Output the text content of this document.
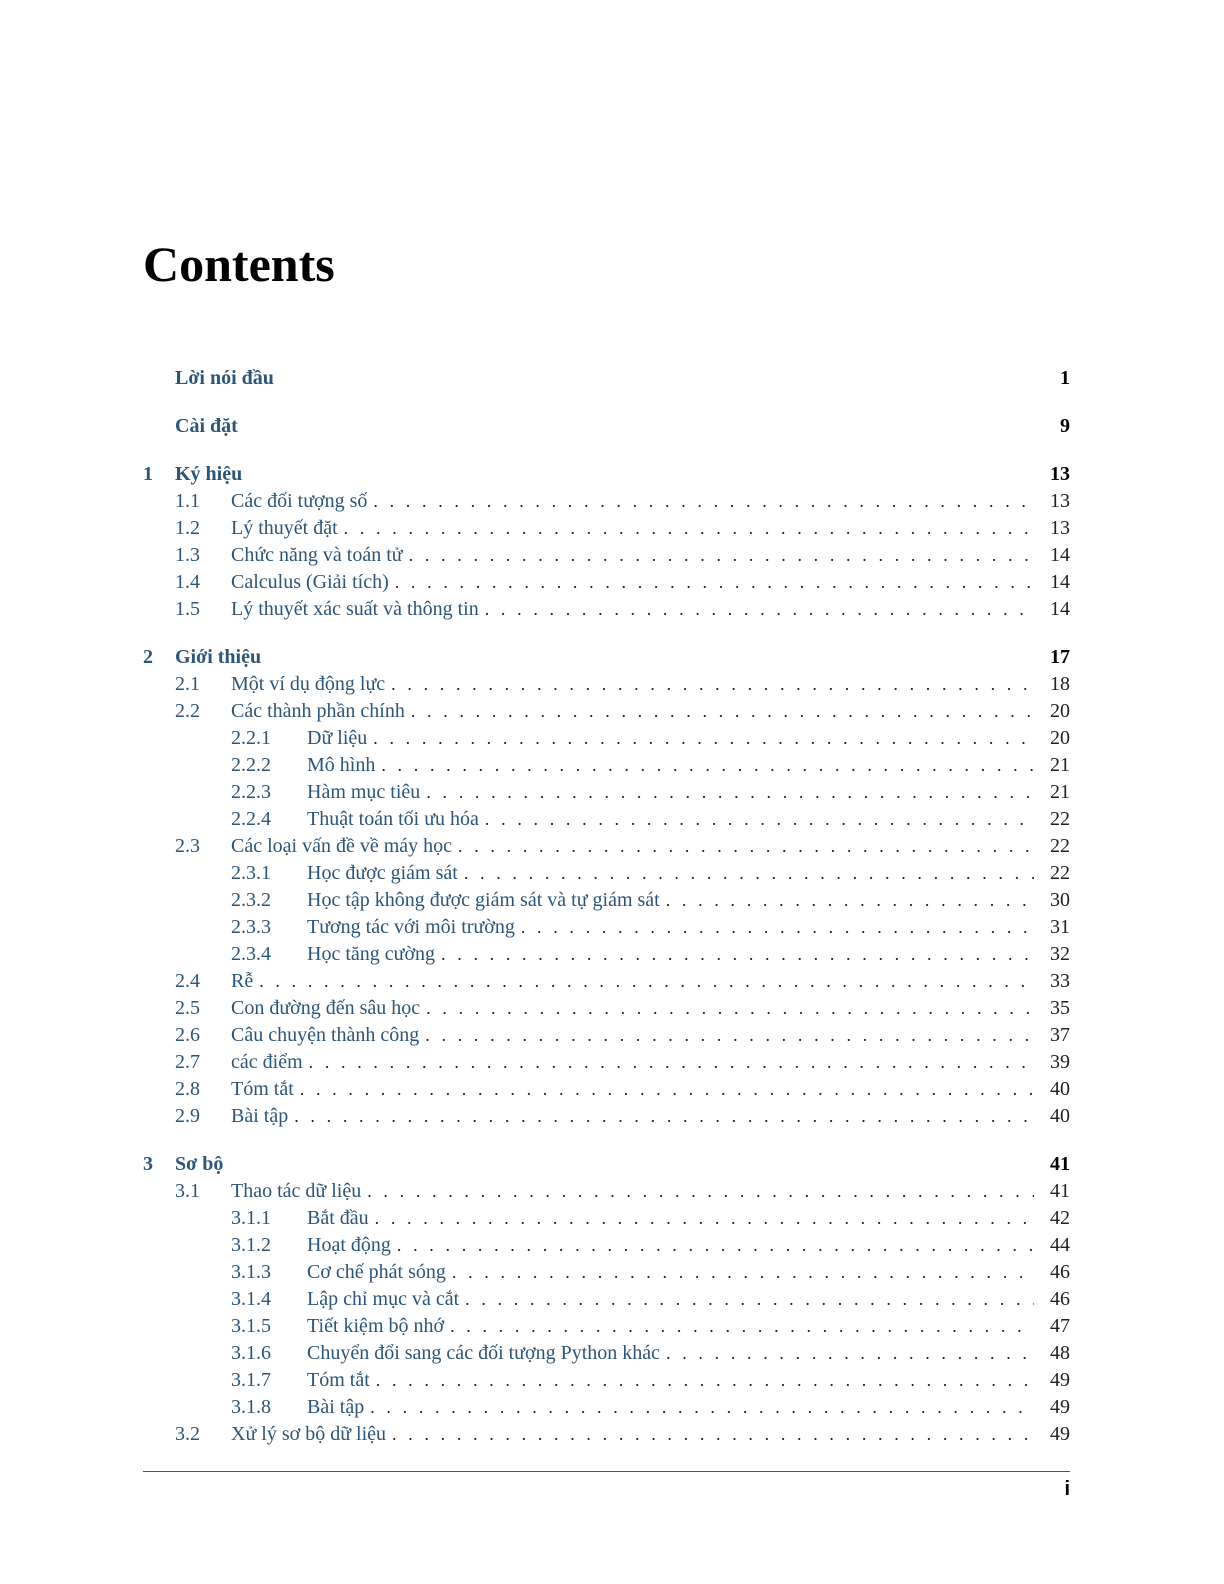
Contents
Lời nói đầu	1
Cài đặt	9
1	Ký hiệu	13
1.1	Các đối tượng số . . .	13
1.2	Lý thuyết đặt . . .	13
1.3	Chức năng và toán tử . . .	14
1.4	Calculus (Giải tích) . . .	14
1.5	Lý thuyết xác suất và thông tin . . .	14
2	Giới thiệu	17
2.1	Một ví dụ động lực . . .	18
2.2	Các thành phần chính . . .	20
2.2.1	Dữ liệu . . .	20
2.2.2	Mô hình . . .	21
2.2.3	Hàm mục tiêu . . .	21
2.2.4	Thuật toán tối ưu hóa . . .	22
2.3	Các loại vấn đề về máy học . . .	22
2.3.1	Học được giám sát . . .	22
2.3.2	Học tập không được giám sát và tự giám sát . . .	30
2.3.3	Tương tác với môi trường . . .	31
2.3.4	Học tăng cường . . .	32
2.4	Rễ . . .	33
2.5	Con đường đến sâu học . . .	35
2.6	Câu chuyện thành công . . .	37
2.7	các điểm . . .	39
2.8	Tóm tắt . . .	40
2.9	Bài tập . . .	40
3	Sơ bộ	41
3.1	Thao tác dữ liệu . . .	41
3.1.1	Bắt đầu . . .	42
3.1.2	Hoạt động . . .	44
3.1.3	Cơ chế phát sóng . . .	46
3.1.4	Lập chỉ mục và cắt . . .	46
3.1.5	Tiết kiệm bộ nhớ . . .	47
3.1.6	Chuyển đổi sang các đối tượng Python khác . . .	48
3.1.7	Tóm tắt . . .	49
3.1.8	Bài tập . . .	49
3.2	Xử lý sơ bộ dữ liệu . . .	49
i
